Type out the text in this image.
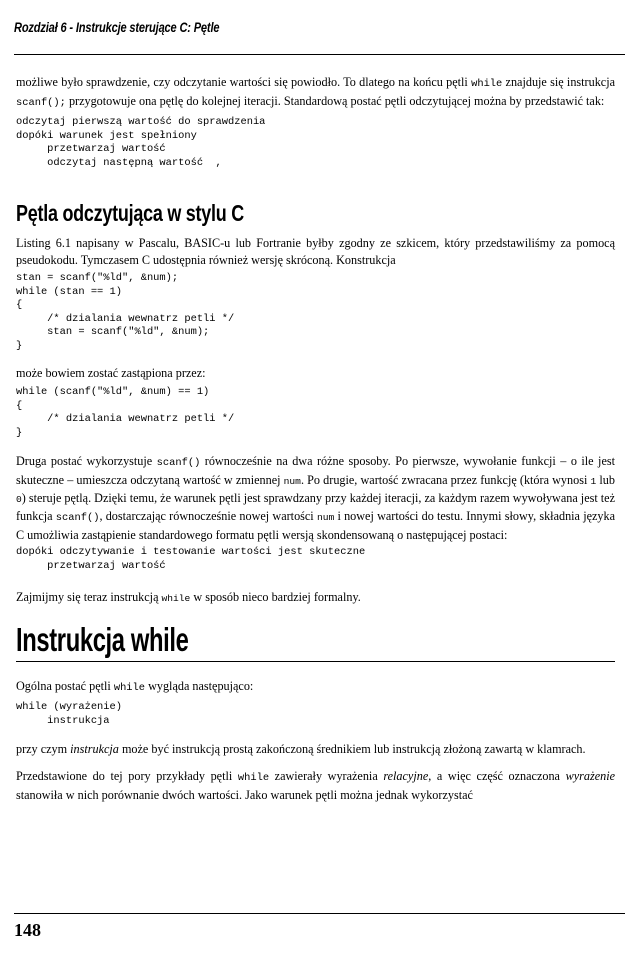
Rozdział 6 - Instrukcje sterujące C: Pętle

możliwe było sprawdzenie, czy odczytanie wartości się powiodło. To dlatego na końcu pętli while znajduje się instrukcja scanf(); przygotowuje ona pętlę do kolejnej iteracji. Standardową postać pętli odczytującej można by przedstawić tak:

odczytaj pierwszą wartość do sprawdzenia
dopóki warunek jest spełniony
przetwarzaj wartość
odczytaj następną wartość  ,
Pętla odczytująca w stylu C

Listing 6.1 napisany w Pascalu, BASIC-u lub Fortranie byłby zgodny ze szkicem, który przedstawiliśmy za pomocą pseudokodu. Tymczasem C udostępnia również wersję skróconą. Konstrukcja

stan = scanf("%ld", &num);
while (stan == 1)
{
/* dzialania wewnatrz petli */
stan = scanf("%ld", &num);
}

może bowiem zostać zastąpiona przez:

while (scanf("%ld", &num) == 1)
{
/* dzialania wewnatrz petli */
}

Druga postać wykorzystuje scanf() równocześnie na dwa różne sposoby. Po pierwsze, wywołanie funkcji – o ile jest skuteczne – umieszcza odczytaną wartość w zmiennej num. Po drugie, wartość zwracana przez funkcję (która wynosi 1 lub 0) steruje pętlą. Dzięki temu, że warunek pętli jest sprawdzany przy każdej iteracji, za każdym razem wywoływana jest też funkcja scanf(), dostarczając równocześnie nowej wartości num i nowej wartości do testu. Innymi słowy, składnia języka C umożliwia zastąpienie standardowego formatu pętli wersją skondensowaną o następującej postaci:

dopóki odczytywanie i testowanie wartości jest skuteczne
przetwarzaj wartość

Zajmijmy się teraz instrukcją while w sposób nieco bardziej formalny.

Instrukcja while

Ogólna postać pętli while wygląda następująco:

while (wyrażenie)
instrukcja

przy czym instrukcja może być instrukcją prostą zakończoną średnikiem lub instrukcją złożoną zawartą w klamrach.

Przedstawione do tej pory przykłady pętli while zawierały wyrażenia relacyjne, a więc część oznaczona wyrażenie stanowiła w nich porównanie dwóch wartości. Jako warunek pętli można jednak wykorzystać

148
